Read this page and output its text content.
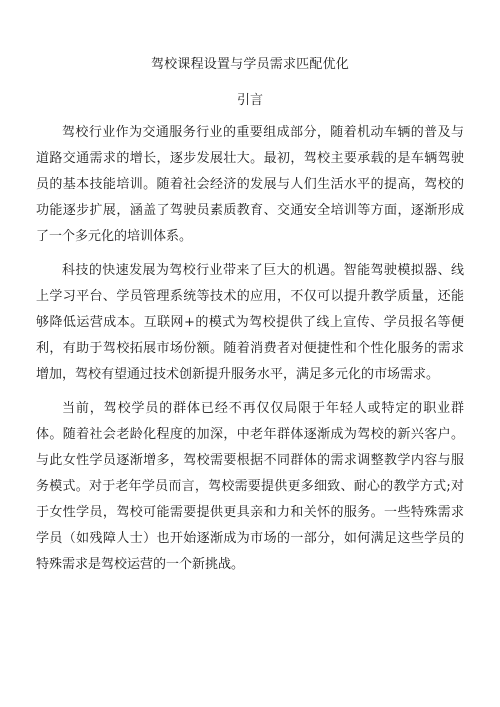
驾校课程设置与学员需求匹配优化
引言

驾校行业作为交通服务行业的重要组成部分，随着机动车辆的普及与道路交通需求的增长，逐步发展壮大。最初，驾校主要承载的是车辆驾驶员的基本技能培训。随着社会经济的发展与人们生活水平的提高，驾校的功能逐步扩展，涵盖了驾驶员素质教育、交通安全培训等方面，逐渐形成了一个多元化的培训体系。

科技的快速发展为驾校行业带来了巨大的机遇。智能驾驶模拟器、线上学习平台、学员管理系统等技术的应用，不仅可以提升教学质量，还能够降低运营成本。互联网+的模式为驾校提供了线上宣传、学员报名等便利，有助于驾校拓展市场份额。随着消费者对便捷性和个性化服务的需求增加，驾校有望通过技术创新提升服务水平，满足多元化的市场需求。

当前，驾校学员的群体已经不再仅仅局限于年轻人或特定的职业群体。随着社会老龄化程度的加深，中老年群体逐渐成为驾校的新兴客户。与此女性学员逐渐增多，驾校需要根据不同群体的需求调整教学内容与服务模式。对于老年学员而言，驾校需要提供更多细致、耐心的教学方式;对于女性学员，驾校可能需要提供更具亲和力和关怀的服务。一些特殊需求学员（如残障人士）也开始逐渐成为市场的一部分，如何满足这些学员的特殊需求是驾校运营的一个新挑战。
